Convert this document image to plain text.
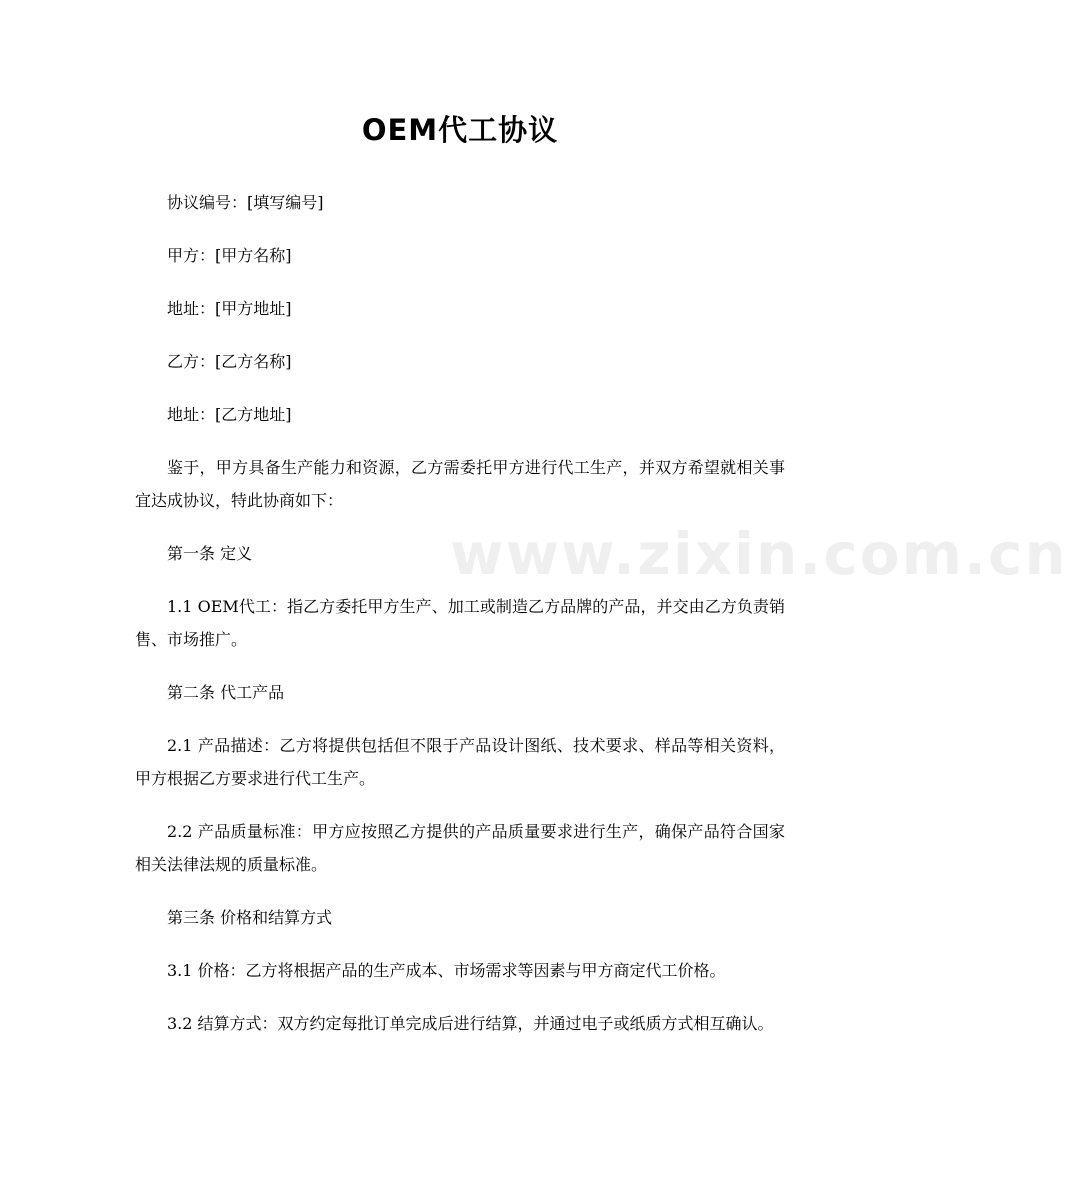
OEM代工协议

协议编号：[填写编号]

甲方：[甲方名称]

地址：[甲方地址]

乙方：[乙方名称]

地址：[乙方地址]

鉴于，甲方具备生产能力和资源，乙方需委托甲方进行代工生产，并双方希望就相关事宜达成协议，特此协商如下：

第一条 定义

1.1 OEM代工：指乙方委托甲方生产、加工或制造乙方品牌的产品，并交由乙方负责销售、市场推广。

第二条 代工产品

2.1 产品描述：乙方将提供包括但不限于产品设计图纸、技术要求、样品等相关资料，甲方根据乙方要求进行代工生产。

2.2 产品质量标准：甲方应按照乙方提供的产品质量要求进行生产，确保产品符合国家相关法律法规的质量标准。

第三条 价格和结算方式

3.1 价格：乙方将根据产品的生产成本、市场需求等因素与甲方商定代工价格。

3.2 结算方式：双方约定每批订单完成后进行结算，并通过电子或纸质方式相互确认。

www.zixin.com.cn
